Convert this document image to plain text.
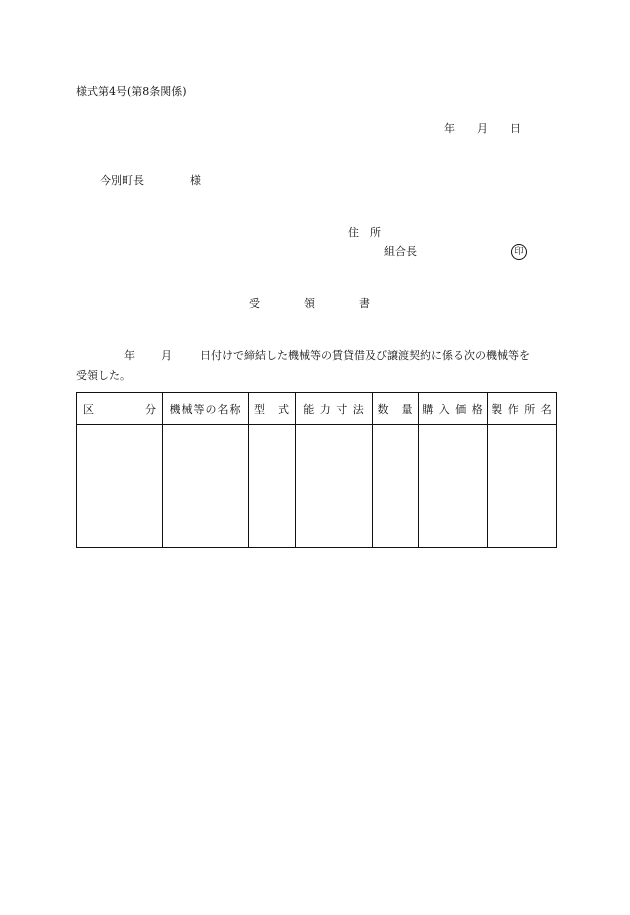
様式第4号(第8条関係)
年 月 日
今別町長	様
住 所
組合長	印
受	領	書
年 月	日付けで締結した機械等の賃貸借及び譲渡契約に係る次の機械等を
受領した。
区 分	機械等の名称	型　式	能 力 寸 法	数　量	購 入 価 格	製 作 所 名
